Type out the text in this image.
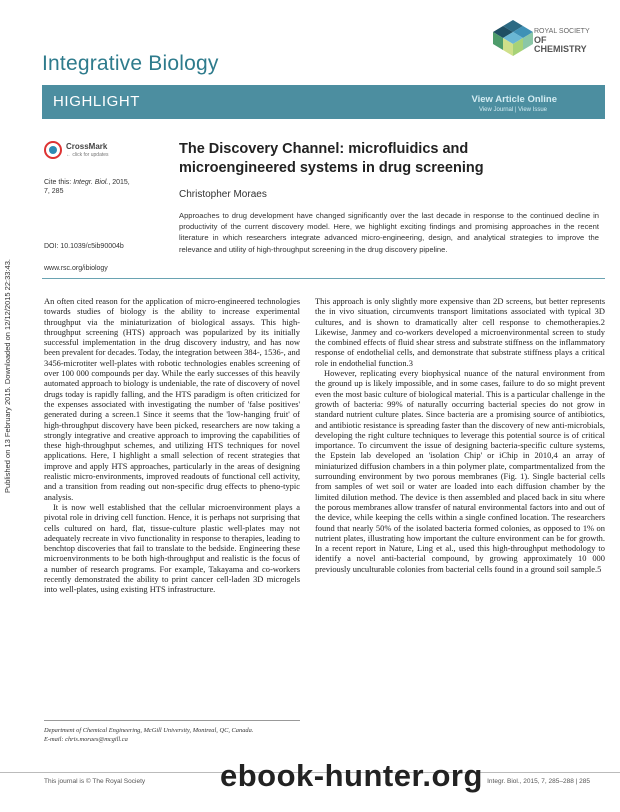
Published on 13 February 2015. Downloaded on 12/12/2015 22:33:43.
Integrative Biology
ROYAL SOCIETY
OF CHEMISTRY
HIGHLIGHT	View Article Online
View Journal | View Issue
CrossMark
← click for updates
Cite this: Integr. Biol., 2015,
7, 285
DOI: 10.1039/c5ib90004b
www.rsc.org/ibiology
The Discovery Channel: microfluidics and microengineered systems in drug screening
Christopher Moraes
Approaches to drug development have changed significantly over the last decade in response to the continued decline in productivity of the current discovery model. Here, we highlight exciting findings and promising approaches in the recent literature in which researchers integrate advanced micro-engineering, design, and analytical strategies to improve the relevance and utility of high-throughput screening in the drug discovery pipeline.

An often cited reason for the application of micro-engineered technologies towards studies of biology is the ability to increase experimental throughput via the miniaturization of biological assays. This high-throughput screening (HTS) approach was popularized by its initially successful implementation in the drug discovery industry, and has now been prevalent for decades. Today, the integration between 384-, 1536-, and 3456-microtiter well-plates with robotic technologies enables screening of over 100 000 compounds per day. While the early successes of this heavily automated approach to biology is undeniable, the rate of discovery of novel drugs today is rapidly falling, and the HTS paradigm is often criticized for the expenses associated with investigating the number of 'false positives' generated during a screen.1 Since it seems that the 'low-hanging fruit' of high-throughput discovery have been picked, researchers are now taking a strongly integrative and creative approach to improving the capabilities of these high-throughput schemes, and utilizing HTS techniques for novel applications. Here, I highlight a small selection of recent strategies that improve and apply HTS approaches, particularly in the areas of designing realistic micro-environments, improved readouts of functional cell activity, and a transition from reading out non-specific drug effects to pheno-typic analysis.

It is now well established that the cellular microenvironment plays a pivotal role in driving cell function. Hence, it is perhaps not surprising that cells cultured on hard, flat, tissue-culture plastic well-plates may not adequately recreate in vivo functionality in response to therapies, leading to benchtop discoveries that fail to translate to the bedside. Engineering these microenvironments to be both high-throughput and realistic is the focus of a number of research programs. For example, Takayama and co-workers recently demonstrated the ability to print cancer cell-laden 3D microgels into well-plates, using existing HTS infrastructure.

This approach is only slightly more expensive than 2D screens, but better represents the in vivo situation, circumvents transport limitations associated with typical 3D cultures, and is shown to dramatically alter cell response to chemotherapies.2 Likewise, Janmey and co-workers developed a microenvironmental screen to study the combined effects of fluid shear stress and substrate stiffness on the inflammatory response of endothelial cells, and demonstrate that substrate stiffness plays a critical role in endothelial function.3

However, replicating every biophysical nuance of the natural environment from the ground up is likely impossible, and in some cases, failure to do so might prevent even the most basic culture of biological material. This is a particular challenge in the growth of bacteria: 99% of naturally occurring bacterial species do not grow in standard nutrient culture plates. Since bacteria are a promising source of antibiotics, and antibiotic resistance is spreading faster than the discovery of new anti-microbials, developing the right culture techniques to leverage this potential source is of critical importance. To circumvent the issue of designing bacteria-specific culture systems, the Epstein lab developed an 'isolation Chip' or iChip in 2010,4 an array of miniaturized diffusion chambers in a thin polymer plate, compartmentalized from the surrounding environment by two porous membranes (Fig. 1). Single bacterial cells from samples of wet soil or water are loaded into each diffusion chamber by the limited dilution method. The device is then assembled and placed back in situ where the porous membranes allow transfer of natural environmental factors into and out of the device, while keeping the cells within a single confined location. The researchers found that nearly 50% of the isolated bacteria formed colonies, as opposed to 1% on nutrient plates, illustrating how important the culture environment can be for growth. In a recent report in Nature, Ling et al., used this high-throughput methodology to identify a novel anti-bacterial compound, by growing approximately 10 000 previously unculturable colonies from bacterial cells found in a ground soil sample.5

Department of Chemical Engineering, McGill University, Montreal, QC, Canada.
E-mail: chris.moraes@mcgill.ca
This journal is © The Royal Society	Integr. Biol., 2015, 7, 285–288 | 285
ebook-hunter.org
